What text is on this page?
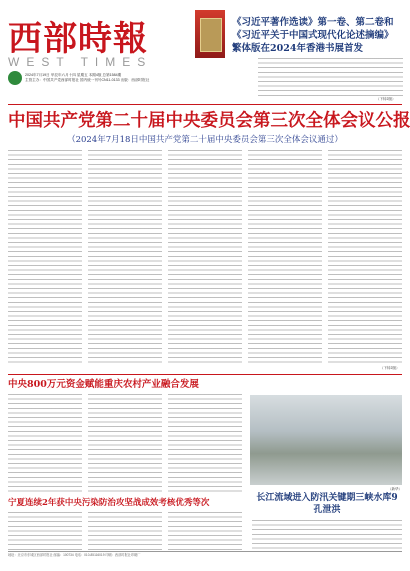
西部時報
WEST TIMES
2024年7月19日 甲辰年六月十四 星期五 本期4版 总第1584期
主管主办：中国共产党西部时报社 国内统一刊号CN11-0133 出版：西部时报社
《习近平著作选读》第一卷、第二卷和《习近平关于中国式现代化论述摘编》繁体版在2024年香港书展首发
（下转2版）
中国共产党第二十届中央委员会第三次全体会议公报
（2024年7月18日中国共产党第二十届中央委员会第三次全体会议通过）
（下转2版）
中央800万元资金赋能重庆农村产业融合发展
（新华）
宁夏连续2年获中央污染防治攻坚战成效考核优秀等次	长江流域进入防汛关键期三峡水库9孔泄洪
地址：北京市东城区西部时报社 邮编：100734 电话：010-85116019 印刷：西部时报社印刷厂
